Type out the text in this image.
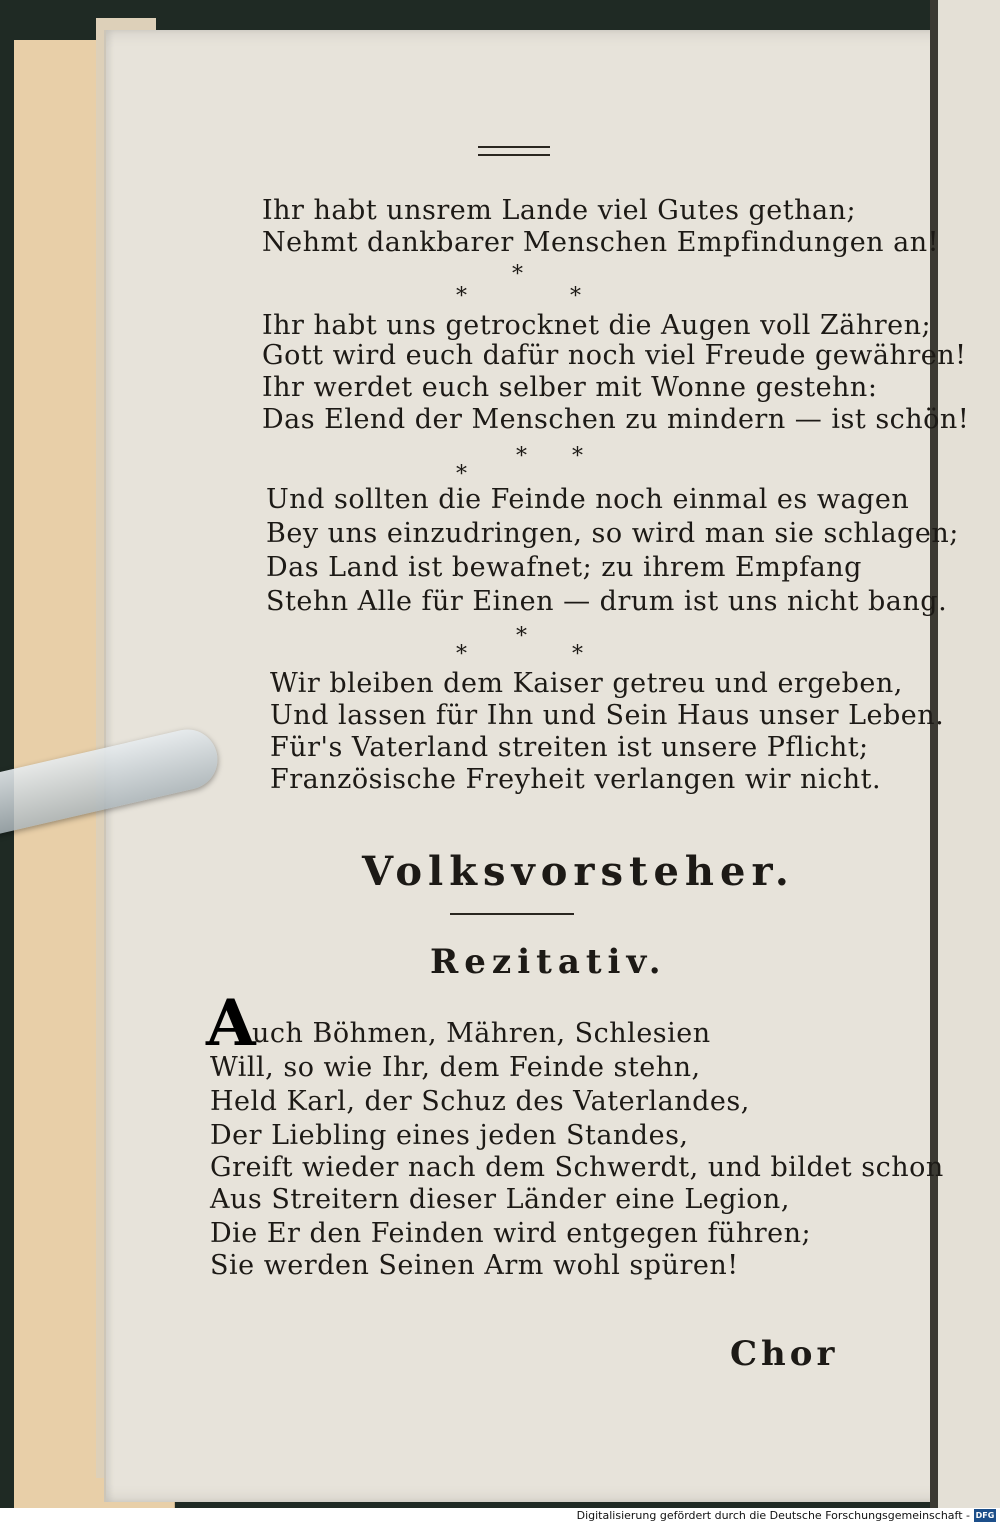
Ihr habt unsrem Lande viel Gutes gethan;
Nehmt dankbarer Menschen Empfindungen an!
*
*	*
Ihr habt uns getrocknet die Augen voll Zähren;
Gott wird euch dafür noch viel Freude gewähren!
Ihr werdet euch selber mit Wonne gestehn:
Das Elend der Menschen zu mindern — ist schön!
* *
*
Und sollten die Feinde noch einmal es wagen
Bey uns einzudringen, so wird man sie schlagen;
Das Land ist bewafnet; zu ihrem Empfang
Stehn Alle für Einen — drum ist uns nicht bang.
*
*	*
Wir bleiben dem Kaiser getreu und ergeben,
Und lassen für Ihn und Sein Haus unser Leben.
Für's Vaterland streiten ist unsere Pflicht;
Französische Freyheit verlangen wir nicht.
Volksvorsteher.
Rezitativ.
A
uch Böhmen, Mähren, Schlesien
Will, so wie Ihr, dem Feinde stehn,
Held Karl, der Schuz des Vaterlandes,
Der Liebling eines jeden Standes,
Greift wieder nach dem Schwerdt, und bildet schon
Aus Streitern dieser Länder eine Legion,
Die Er den Feinden wird entgegen führen;
Sie werden Seinen Arm wohl spüren!
Chor
Digitalisierung gefördert durch die Deutsche Forschungsgemeinschaft - DFG
